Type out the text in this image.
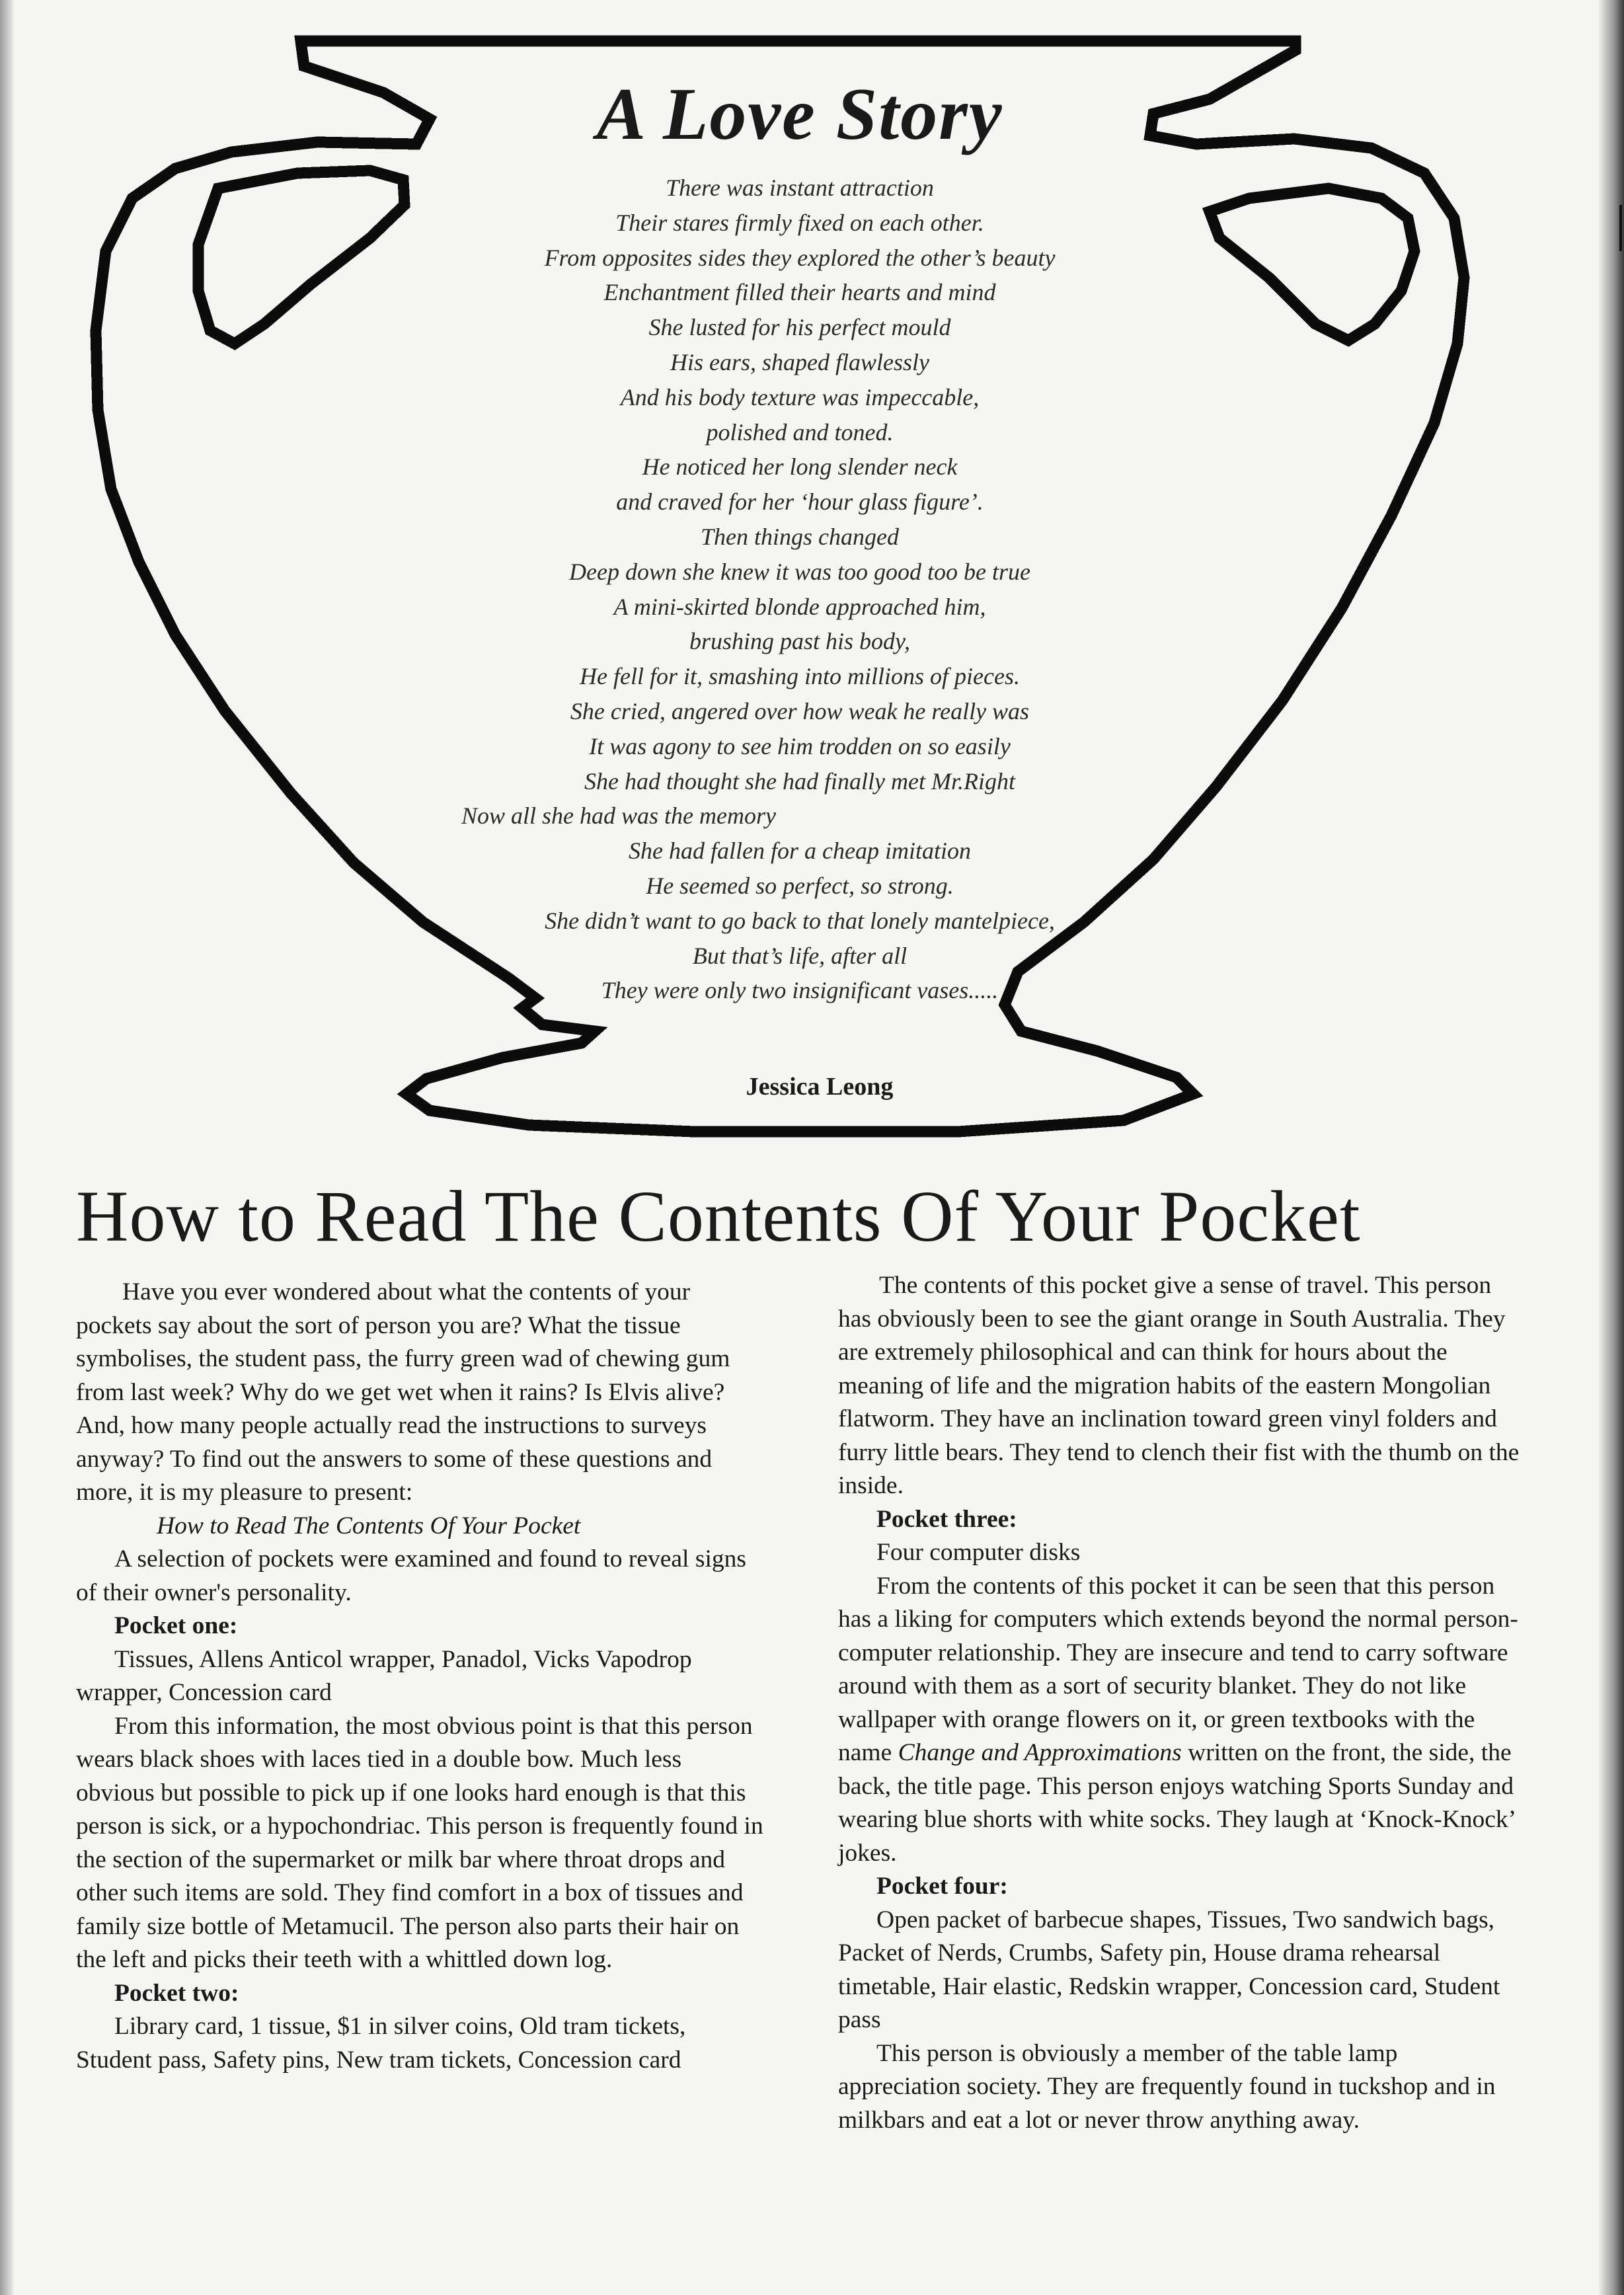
A Love Story
There was instant attraction
Their stares firmly fixed on each other.
From opposites sides they explored the other’s beauty
Enchantment filled their hearts and mind
She lusted for his perfect mould
His ears, shaped flawlessly
And his body texture was impeccable,
polished and toned.
He noticed her long slender neck
and craved for her ‘hour glass figure’.
Then things changed
Deep down she knew it was too good too be true
A mini-skirted blonde approached him,
brushing past his body,
He fell for it, smashing into millions of pieces.
She cried, angered over how weak he really was
It was agony to see him trodden on so easily
She had thought she had finally met Mr.Right
Now all she had was the memory
She had fallen for a cheap imitation
He seemed so perfect, so strong.
She didn’t want to go back to that lonely mantelpiece,
But that’s life, after all
They were only two insignificant vases.....
Jessica Leong
How to Read The Contents Of Your Pocket

Have you ever wondered about what the contents of your pockets say about the sort of person you are? What the tissue symbolises, the student pass, the furry green wad of chewing gum from last week? Why do we get wet when it rains? Is Elvis alive? And, how many people actually read the instructions to surveys anyway? To find out the answers to some of these questions and more, it is my pleasure to present:

How to Read The Contents Of Your Pocket

A selection of pockets were examined and found to reveal signs of their owner's personality.

Pocket one:

Tissues, Allens Anticol wrapper, Panadol, Vicks Vapodrop wrapper, Concession card

From this information, the most obvious point is that this person wears black shoes with laces tied in a double bow. Much less obvious but possible to pick up if one looks hard enough is that this person is sick, or a hypochondriac. This person is frequently found in the section of the supermarket or milk bar where throat drops and other such items are sold. They find comfort in a box of tissues and family size bottle of Metamucil. The person also parts their hair on the left and picks their teeth with a whittled down log.

Pocket two:

Library card, 1 tissue, $1 in silver coins, Old tram tickets, Student pass, Safety pins, New tram tickets, Concession card

The contents of this pocket give a sense of travel. This person has obviously been to see the giant orange in South Australia. They are extremely philosophical and can think for hours about the meaning of life and the migration habits of the eastern Mongolian flatworm. They have an inclination toward green vinyl folders and furry little bears. They tend to clench their fist with the thumb on the inside.

Pocket three:

Four computer disks

From the contents of this pocket it can be seen that this person has a liking for computers which extends beyond the normal person-computer relationship. They are insecure and tend to carry software around with them as a sort of security blanket. They do not like wallpaper with orange flowers on it, or green textbooks with the name Change and Approximations written on the front, the side, the back, the title page. This person enjoys watching Sports Sunday and wearing blue shorts with white socks. They laugh at ‘Knock-Knock’ jokes.

Pocket four:

Open packet of barbecue shapes, Tissues, Two sandwich bags, Packet of Nerds, Crumbs, Safety pin, House drama rehearsal timetable, Hair elastic, Redskin wrapper, Concession card, Student pass

This person is obviously a member of the table lamp appreciation society. They are frequently found in tuckshop and in milkbars and eat a lot or never throw anything away.
